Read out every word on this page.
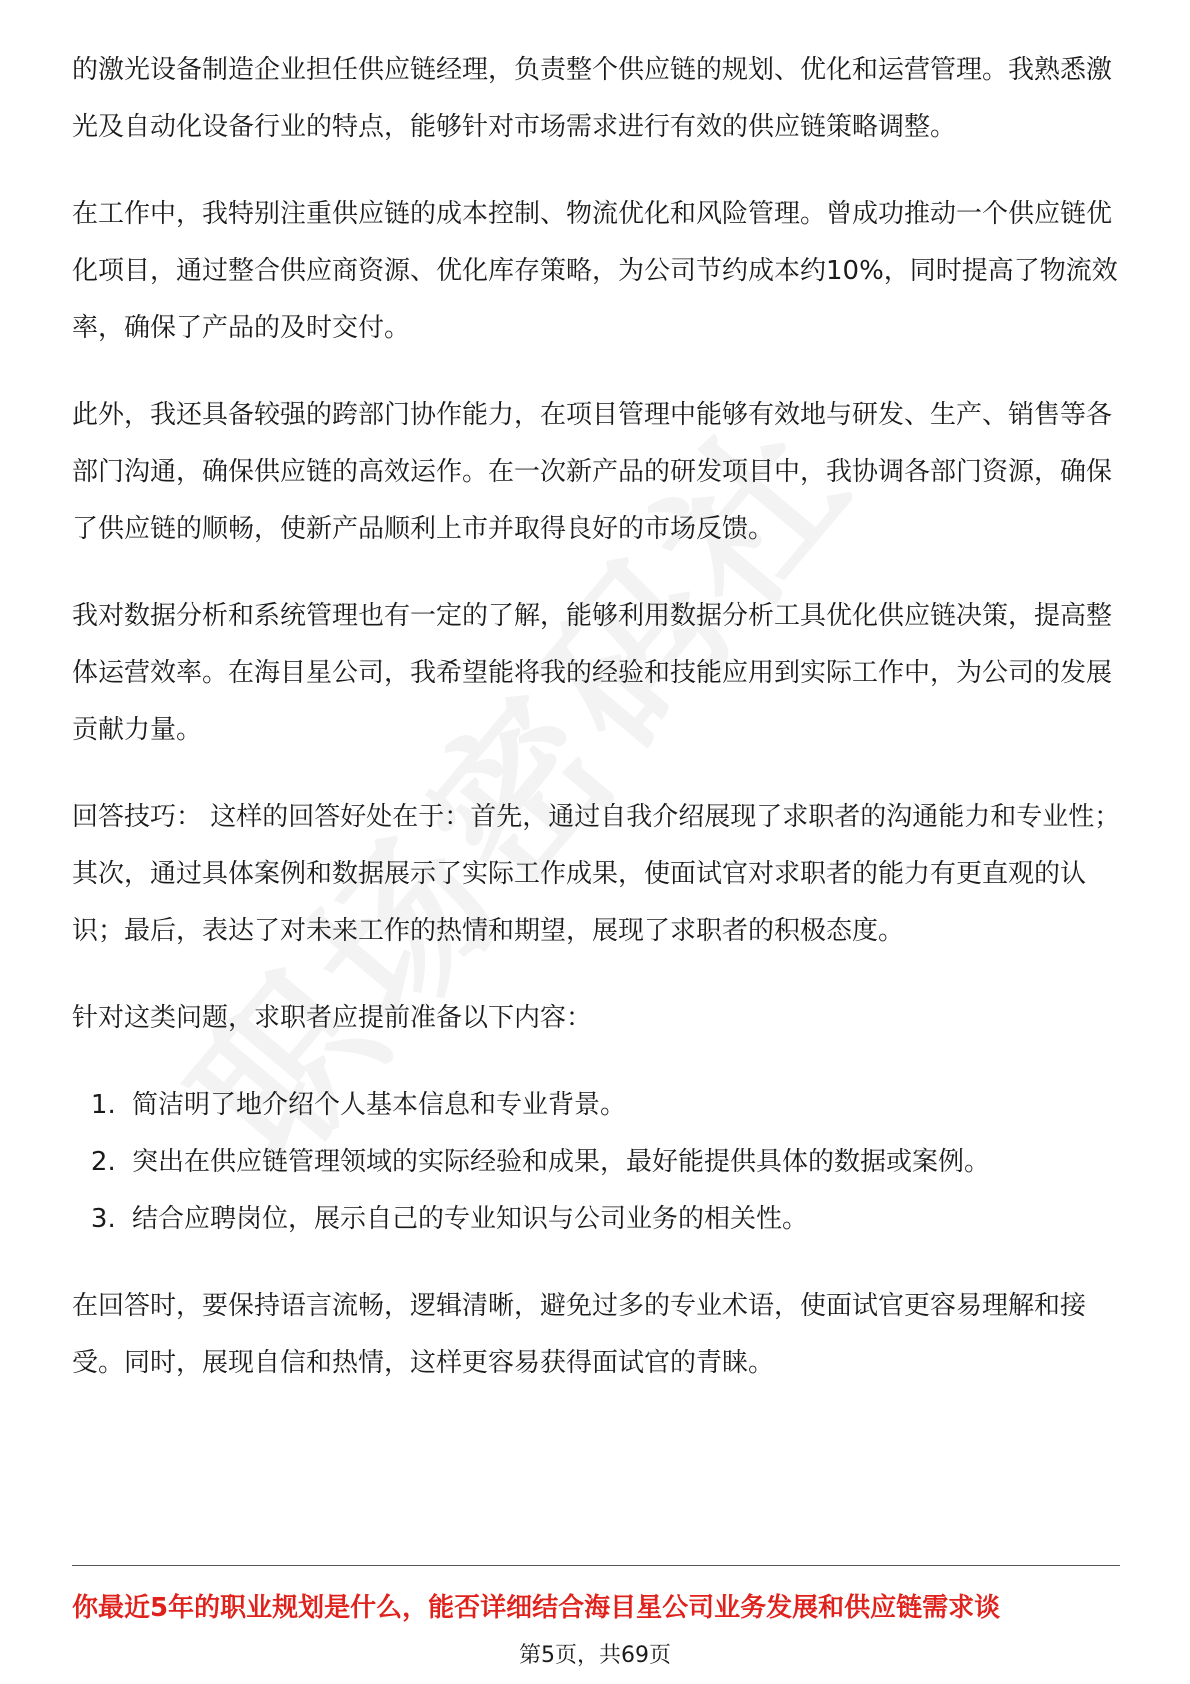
的激光设备制造企业担任供应链经理，负责整个供应链的规划、优化和运营管理。我熟悉激光及自动化设备行业的特点，能够针对市场需求进行有效的供应链策略调整。

在工作中，我特别注重供应链的成本控制、物流优化和风险管理。曾成功推动一个供应链优化项目，通过整合供应商资源、优化库存策略，为公司节约成本约10%，同时提高了物流效率，确保了产品的及时交付。

此外，我还具备较强的跨部门协作能力，在项目管理中能够有效地与研发、生产、销售等各部门沟通，确保供应链的高效运作。在一次新产品的研发项目中，我协调各部门资源，确保了供应链的顺畅，使新产品顺利上市并取得良好的市场反馈。

我对数据分析和系统管理也有一定的了解，能够利用数据分析工具优化供应链决策，提高整体运营效率。在海目星公司，我希望能将我的经验和技能应用到实际工作中，为公司的发展贡献力量。

回答技巧： 这样的回答好处在于：首先，通过自我介绍展现了求职者的沟通能力和专业性；其次，通过具体案例和数据展示了实际工作成果，使面试官对求职者的能力有更直观的认识；最后，表达了对未来工作的热情和期望，展现了求职者的积极态度。

针对这类问题，求职者应提前准备以下内容：

1. 简洁明了地介绍个人基本信息和专业背景。
2. 突出在供应链管理领域的实际经验和成果，最好能提供具体的数据或案例。
3. 结合应聘岗位，展示自己的专业知识与公司业务的相关性。

在回答时，要保持语言流畅，逻辑清晰，避免过多的专业术语，使面试官更容易理解和接受。同时，展现自信和热情，这样更容易获得面试官的青睐。

你最近5年的职业规划是什么，能否详细结合海目星公司业务发展和供应链需求谈
第5页，共69页
